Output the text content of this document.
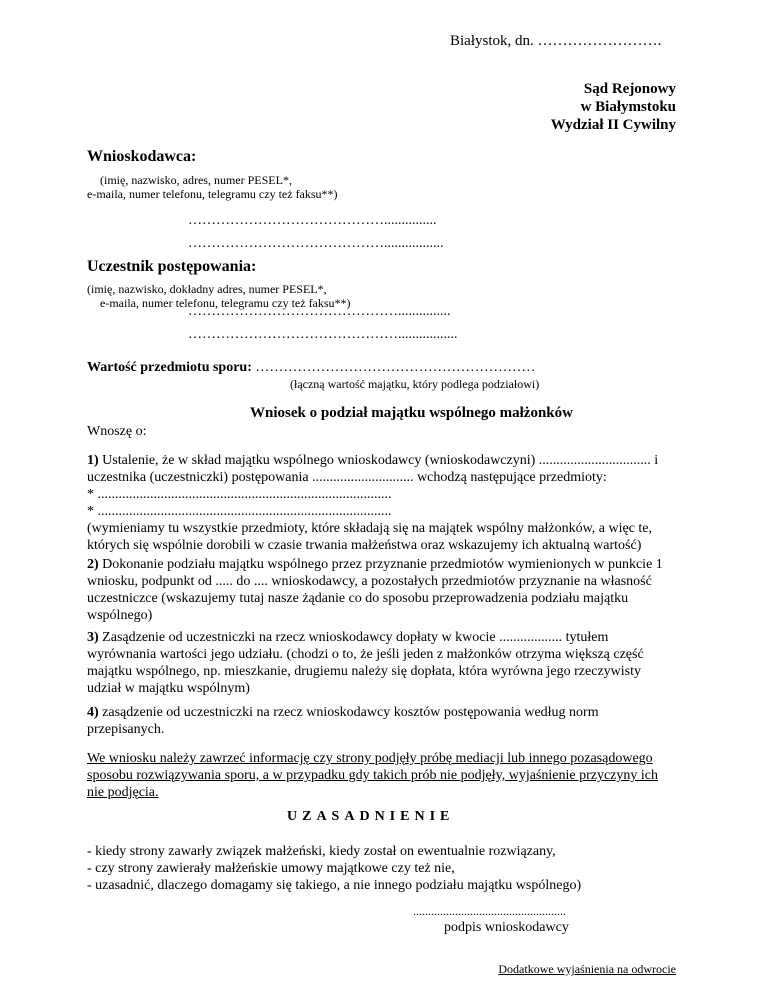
Białystok, dn. …………………….
Sąd Rejonowy
w Białymstoku
Wydział II Cywilny
Wnioskodawca:
(imię, nazwisko, adres, numer PESEL*,
e-maila, numer telefonu, telegramu czy też faksu**)
……………………………………...............
…………………………………….................
Uczestnik postępowania:
(imię, nazwisko, dokładny adres, numer PESEL*,
e-maila, numer telefonu, telegramu czy też faksu**)
………………………………………...............
……………………………………….................
Wartość przedmiotu sporu: ……………………………………………………
(łączną wartość majątku, który podlega podziałowi)
Wniosek o podział majątku wspólnego małżonków
Wnoszę o:

1) Ustalenie, że w skład majątku wspólnego wnioskodawcy (wnioskodawczyni) ................................ i

uczestnika (uczestniczki) postępowania ............................. wchodzą następujące przedmioty:

* ....................................................................................

* ....................................................................................

(wymieniamy tu wszystkie przedmioty, które składają się na majątek wspólny małżonków, a więc te,

których się wspólnie dorobili w czasie trwania małżeństwa oraz wskazujemy ich aktualną wartość)

2) Dokonanie podziału majątku wspólnego przez przyznanie przedmiotów wymienionych w punkcie 1

wniosku, podpunkt od ..... do .... wnioskodawcy, a pozostałych przedmiotów przyznanie na własność

uczestniczce (wskazujemy tutaj nasze żądanie co do sposobu przeprowadzenia podziału majątku

wspólnego)

3) Zasądzenie od uczestniczki na rzecz wnioskodawcy dopłaty w kwocie .................. tytułem

wyrównania wartości jego udziału. (chodzi o to, że jeśli jeden z małżonków otrzyma większą część

majątku wspólnego, np. mieszkanie, drugiemu należy się dopłata, która wyrówna jego rzeczywisty

udział w majątku wspólnym)

4) zasądzenie od uczestniczki na rzecz wnioskodawcy kosztów postępowania według norm

przepisanych.

We wniosku należy zawrzeć informację czy strony podjęły próbę mediacji lub innego pozasądowego

sposobu rozwiązywania sporu, a w przypadku gdy takich prób nie podjęły, wyjaśnienie przyczyny ich

nie podjęcia.

UZASADNIENIE

- kiedy strony zawarły związek małżeński, kiedy został on ewentualnie rozwiązany,

- czy strony zawierały małżeńskie umowy majątkowe czy też nie,

- uzasadnić, dlaczego domagamy się takiego, a nie innego podziału majątku wspólnego)

...................................................
podpis wnioskodawcy
Dodatkowe wyjaśnienia na odwrocie
